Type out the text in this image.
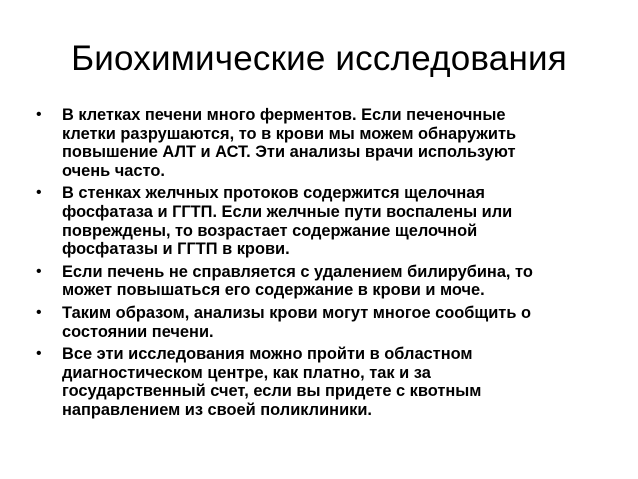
Биохимические исследования
•	В клетках печени много ферментов. Если печеночные
клетки разрушаются, то в крови мы можем обнаружить
повышение АЛТ и АСТ. Эти анализы врачи используют
очень часто.
•	В стенках желчных протоков содержится щелочная
фосфатаза и ГГТП. Если желчные пути воспалены или
повреждены, то возрастает содержание щелочной
фосфатазы и ГГТП в крови.
•	Если печень не справляется с удалением билирубина, то
может повышаться его содержание в крови и моче.
•	Таким образом, анализы крови могут многое сообщить о
состоянии печени.
•	Все эти исследования можно пройти в областном
диагностическом центре, как платно, так и за
государственный счет, если вы придете с квотным
направлением из своей поликлиники.
